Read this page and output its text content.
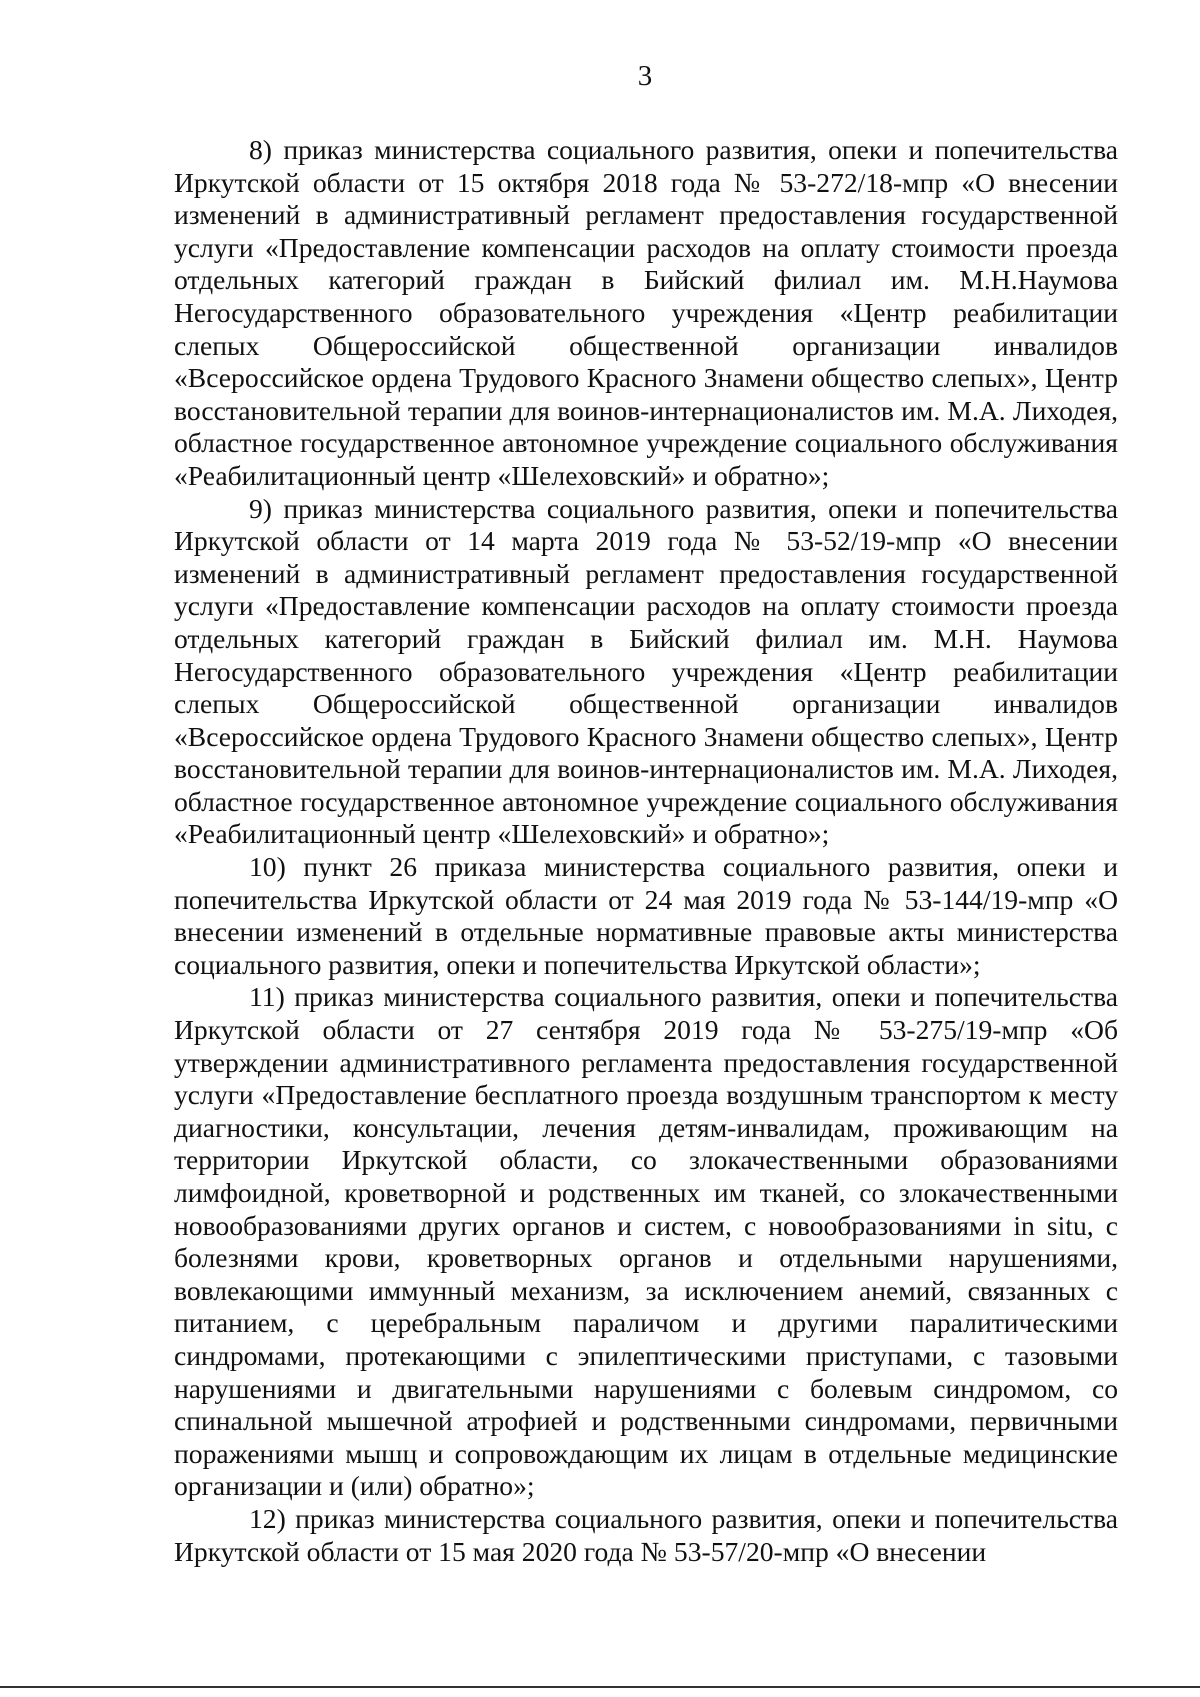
3

8) приказ министерства социального развития, опеки и попечительства Иркутской области от 15 октября 2018 года № 53-272/18-мпр «О внесении изменений в административный регламент предоставления государственной услуги «Предоставление компенсации расходов на оплату стоимости проезда отдельных категорий граждан в Бийский филиал им. М.Н.Наумова Негосударственного образовательного учреждения «Центр реабилитации слепых Общероссийской общественной организации инвалидов «Всероссийское ордена Трудового Красного Знамени общество слепых», Центр восстановительной терапии для воинов-интернационалистов им. М.А. Лиходея, областное государственное автономное учреждение социального обслуживания «Реабилитационный центр «Шелеховский» и обратно»;

9) приказ министерства социального развития, опеки и попечительства Иркутской области от 14 марта 2019 года № 53-52/19-мпр «О внесении изменений в административный регламент предоставления государственной услуги «Предоставление компенсации расходов на оплату стоимости проезда отдельных категорий граждан в Бийский филиал им. М.Н. Наумова Негосударственного образовательного учреждения «Центр реабилитации слепых Общероссийской общественной организации инвалидов «Всероссийское ордена Трудового Красного Знамени общество слепых», Центр восстановительной терапии для воинов-интернационалистов им. М.А. Лиходея, областное государственное автономное учреждение социального обслуживания «Реабилитационный центр «Шелеховский» и обратно»;

10) пункт 26 приказа министерства социального развития, опеки и попечительства Иркутской области от 24 мая 2019 года № 53-144/19-мпр «О внесении изменений в отдельные нормативные правовые акты министерства социального развития, опеки и попечительства Иркутской области»;

11) приказ министерства социального развития, опеки и попечительства Иркутской области от 27 сентября 2019 года № 53-275/19-мпр «Об утверждении административного регламента предоставления государственной услуги «Предоставление бесплатного проезда воздушным транспортом к месту диагностики, консультации, лечения детям-инвалидам, проживающим на территории Иркутской области, со злокачественными образованиями лимфоидной, кроветворной и родственных им тканей, со злокачественными новообразованиями других органов и систем, с новообразованиями in situ, с болезнями крови, кроветворных органов и отдельными нарушениями, вовлекающими иммунный механизм, за исключением анемий, связанных с питанием, с церебральным параличом и другими паралитическими синдромами, протекающими с эпилептическими приступами, с тазовыми нарушениями и двигательными нарушениями с болевым синдромом, со спинальной мышечной атрофией и родственными синдромами, первичными поражениями мышц и сопровождающим их лицам в отдельные медицинские организации и (или) обратно»;

12) приказ министерства социального развития, опеки и попечительства Иркутской области от 15 мая 2020 года № 53-57/20-мпр «О внесении
